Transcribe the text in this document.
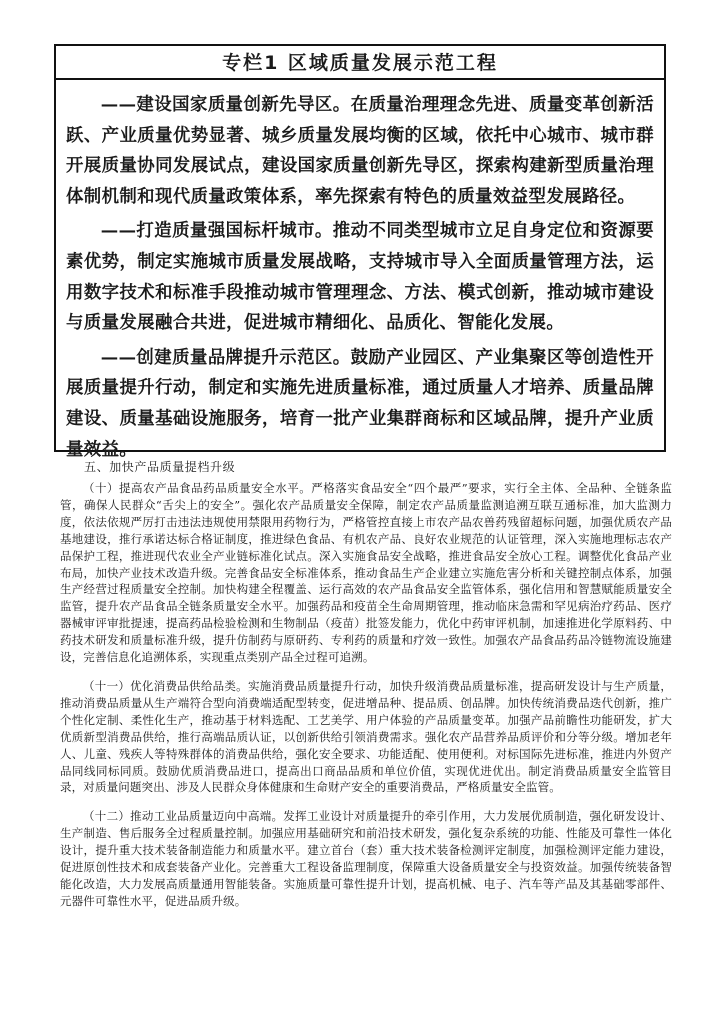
专栏1 区域质量发展示范工程

——建设国家质量创新先导区。在质量治理理念先进、质量变革创新活跃、产业质量优势显著、城乡质量发展均衡的区域，依托中心城市、城市群开展质量协同发展试点，建设国家质量创新先导区，探索构建新型质量治理体制机制和现代质量政策体系，率先探索有特色的质量效益型发展路径。

——打造质量强国标杆城市。推动不同类型城市立足自身定位和资源要素优势，制定实施城市质量发展战略，支持城市导入全面质量管理方法，运用数字技术和标准手段推动城市管理理念、方法、模式创新，推动城市建设与质量发展融合共进，促进城市精细化、品质化、智能化发展。

——创建质量品牌提升示范区。鼓励产业园区、产业集聚区等创造性开展质量提升行动，制定和实施先进质量标准，通过质量人才培养、质量品牌建设、质量基础设施服务，培育一批产业集群商标和区域品牌，提升产业质量效益。

五、加快产品质量提档升级

（十）提高农产品食品药品质量安全水平。严格落实食品安全“四个最严”要求，实行全主体、全品种、全链条监管，确保人民群众“舌尖上的安全”。强化农产品质量安全保障，制定农产品质量监测追溯互联互通标准，加大监测力度，依法依规严厉打击违法违规使用禁限用药物行为，严格管控直接上市农产品农兽药残留超标问题，加强优质农产品基地建设，推行承诺达标合格证制度，推进绿色食品、有机农产品、良好农业规范的认证管理，深入实施地理标志农产品保护工程，推进现代农业全产业链标准化试点。深入实施食品安全战略，推进食品安全放心工程。调整优化食品产业布局，加快产业技术改造升级。完善食品安全标准体系，推动食品生产企业建立实施危害分析和关键控制点体系，加强生产经营过程质量安全控制。加快构建全程覆盖、运行高效的农产品食品安全监管体系，强化信用和智慧赋能质量安全监管，提升农产品食品全链条质量安全水平。加强药品和疫苗全生命周期管理，推动临床急需和罕见病治疗药品、医疗器械审评审批提速，提高药品检验检测和生物制品（疫苗）批签发能力，优化中药审评机制，加速推进化学原料药、中药技术研发和质量标准升级，提升仿制药与原研药、专利药的质量和疗效一致性。加强农产品食品药品冷链物流设施建设，完善信息化追溯体系，实现重点类别产品全过程可追溯。

（十一）优化消费品供给品类。实施消费品质量提升行动，加快升级消费品质量标准，提高研发设计与生产质量，推动消费品质量从生产端符合型向消费端适配型转变，促进增品种、提品质、创品牌。加快传统消费品迭代创新，推广个性化定制、柔性化生产，推动基于材料选配、工艺美学、用户体验的产品质量变革。加强产品前瞻性功能研发，扩大优质新型消费品供给，推行高端品质认证，以创新供给引领消费需求。强化农产品营养品质评价和分等分级。增加老年人、儿童、残疾人等特殊群体的消费品供给，强化安全要求、功能适配、使用便利。对标国际先进标准，推进内外贸产品同线同标同质。鼓励优质消费品进口，提高出口商品品质和单位价值，实现优进优出。制定消费品质量安全监管目录，对质量问题突出、涉及人民群众身体健康和生命财产安全的重要消费品，严格质量安全监管。

（十二）推动工业品质量迈向中高端。发挥工业设计对质量提升的牵引作用，大力发展优质制造，强化研发设计、生产制造、售后服务全过程质量控制。加强应用基础研究和前沿技术研发，强化复杂系统的功能、性能及可靠性一体化设计，提升重大技术装备制造能力和质量水平。建立首台（套）重大技术装备检测评定制度，加强检测评定能力建设，促进原创性技术和成套装备产业化。完善重大工程设备监理制度，保障重大设备质量安全与投资效益。加强传统装备智能化改造，大力发展高质量通用智能装备。实施质量可靠性提升计划，提高机械、电子、汽车等产品及其基础零部件、元器件可靠性水平，促进品质升级。
